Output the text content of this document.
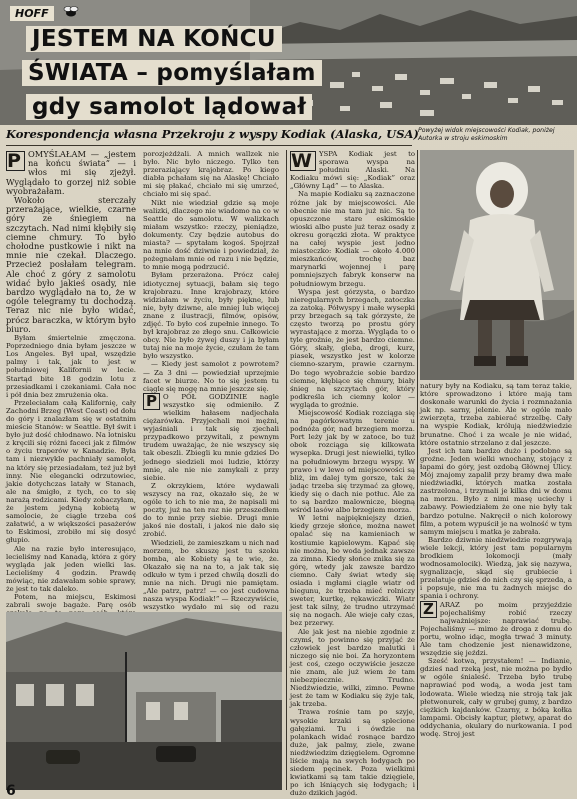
HOFF
JESTEM NA KOŃCU
ŚWIATA – pomyślałam
gdy samolot lądował
Korespondencja własna Przekroju z wyspy Kodiak (Alaska, USA) Powyżej widok miejscowości Kodiak, poniżej Autorka w stroju eskimoskim

P OMYŚLAŁAM — „jestem na końcu świata” — i włos mi się zjeżył. Wyglądało to gorzej niż sobie wyobrażałam.

Wokoło sterczały przerażające, wielkie, czarne góry ze śniegiem na szczytach. Nad nimi kłębiły się ciemne chmury. To było chołodne pustkowie i nikt na mnie nie czekał. Dlaczego. Przecież posłałam telegram. Ale choć z góry z samolotu widać było jakieś osady, nie bardzo wyglądało na to, że w ogóle telegramy tu dochodzą. Teraz nic nie było widać, prócz baraczka, w którym było biuro.

Byłam śmiertelnie zmęczona. Poprzedniego dnia byłam jeszcze w Los Angeles. Był upał, wszędzie palmy i tak, jak to jest w południowej Kalifornii w lecie. Startąd bite 18 godzin lotu z przesiadkami i czekaniami. Cała noc i pół dnia bez zmrużenia oka.

Przeleciałam całą Kalifornię, cały Zachodni Brzeg (West Coast) od dołu do góry i znalazłam się w ostatnim mieście Stanów: w Seattle. Był świt i było już dość chłodnawo. Na lotnisku z kręcili się różni faceci jak z filmów o życiu traperów w Kanadzie. Była tam i niezwykle pachniały samolot, na który się przesiadałam, też już był inny. Nie elegancki odrzutowiec, jakie dotychczas latały w Stanach, ale na śmigło, z tych, co to się narażą rodzicami. Kiedy zobaczyłam, że jestem jedyną kobietą w samolocie, że ciągle trzeba coś załatwić, a w większości pasażerów to Eskimosi, zrobiło mi się dosyć głupio.

Ale na razie było interesująco, lecieliśmy nad Kanadą, która z góry wygląda jak jeden wielki las. Lecieliśmy 4 godzin. Prawdę mówiąc, nie zdawałam sobie sprawy, że jest to tak daleko.

Potem, na miejscu, Eskimosi zabrali swoje bagaże. Parę osób

porozjeżdżali. A mnich wallzek nie było. Nic było niczego. Tylko ten przeraziający krajobraz. Po kiego diabła pchałam się na Alaskę! Chciało mi się płakać, chciało mi się umrzeć, chciało mi się spać.

Nikt nie wiedział gdzie są moje walizki, dlaczego nie wiadomo na co w Seattle do samolotu. W walizkach miałam wszystko: rzeczy, pieniądze, dokumenty. Czy będzie autobus do miasta? — spytałam kogoś. Spojrzał na mnie dość dziwnie i powiedział, że pożegnałam mnie od razu i nie będzie, to mnie mogą podrzucić.

Byłam przerażona. Prócz całej idiotycznej sytuacji, bałam się tego krajobrazu. Inne krajobrazy, które widziałam w życiu, były piękne, lub nie, były dziwne, ale mniej lub więcej znane z ilustracji, filmów, opisów, zdjęć. To było coś zupełnie innego. To był krajobraz ze złego snu. Całkowicie obcy. Nie było żywej duszy i ja byłam tutaj nie na moje życie, czułam że tam było wszystko.

— Kiedy jest samolot z powrotem? — Za 3 dni — powiedział uprzejmie facet w biurze. No to się jestem tu ciągle się mogę na mnie jeszcze się.

P O PÓŁ GODZINIE nagle wszystko się odmieniło. Z wielkim hałasem nadjechała ciężarówka. Przyjechali moi mężni, wyjaśniali i tak się zjechali przypadkowo przywitali, z pewnym trudem uważając, że nie wszyscy się tak obeszli. Zbiegli ku mnie gdzieś Do jednego siedzieli moi ludzie, którzy mnie, ale nie nie zamykali z przy siebie.

Z okrzykiem, które wydawali wszyscy na raz, okazało się, że w ogóle to ich to nie ma, że napisali mi poczty, już na ten raz nie przeszedłem do to mnie przy siebie. Drugi mnie jakoś nie dostali, i jakoś nie dało się zrobić.

Wiedzieli, że zamieszkam u nich nad morzem, bo skuszę jest tu szoku bomba, ale Kobiety są te wie, że. Okazało się na na to, a jak tak się odkuło w tym i przed chwilą doszli do mnie na nich. Drugi nie pamiętam. „Ale patrz, patrz! — co jest cudowna nasza wyspa Kodiak!” — Rzeczywiście, wszystko wydało mi się od razu

W	YSPA Kodiak jest to sporawa wyspa na południu Alaski. Na Kodiaku mówi się: „Kodiak” oraz „Główny Ląd” — to Alaska.

Na mapie Kodiaku są zaznaczone różne jak by miejscowości. Ale obecnie nie ma tam już nic. Są to opuszczone stare eskimoskie wioski albo puste już teraz osady z okresu gorączki złota. W praktyce na całej wyspie jest jedno miasteczko: Kodiak — około 4.000 mieszkańców, trochę baz marynarki wojennej i parę pomniejszych fabryk konserw na południowym brzegu.

Wyspa jest górzysta, o bardzo nieregularnych brzegach, zatoczka za zatoką. Półwyspy i małe wysepki przy brzegach są tak górzyste, że często tworzą po prostu góry wyrastające z morza. Wygląda to o tyle groźnie, że jest bardzo ciemne. Góry, skały, gleba, drogi, kurz, piasek, wszystko jest w kolorze ciemno-szarym, prawie czarnym. Do tego wyobraźcie sobie bardzo ciemne, kłębiące się chmury, biały śnieg na szczytach gór, który podkreśla ich ciemny kolor — wygląda to groźnie.

Miejscowość Kodiak rozciąga się na pagórkowatym terenie u podnóża gór, nad brzegiem morza. Port leży jak by w zatoce, bo tuż obok rozciąga się kilkowata wysepka. Drugi jest niewielki, tylko na południowym brzegu wyspy. W prawo i w lewo od miejscowości są bliż, im dalej tym gorsze, tak że jadąc trzeba się trzymać za głowę, kiedy się o dach nie potłuc. Ale za to są bardzo malownicze, biegną wśród lasów albo brzegiem morza.

W letni najpiękniejszy dzień, kiedy grzeje słońce, można nawet opalać się na kamieniach w kostiumie kąpielowym. Kąpać się nie można, bo woda jednak zawsze za zimna. Kiedy słońce znika się za górę, wtedy jak zawsze bardzo ciemno. Cały świat wtedy się osiada i mgłami ciągle wiatr od biegunu, że trzeba mieć rolniczy sweter, kurtkę, rękawiczki. Wiatr jest tak silny, że trudno utrzymać się na nogach. Ale wieje cały czas, bez przerwy.

Ale jak jest na niebie zgodnie z czymś, to powinno się przyjąć że człowiek jest bardzo malutki i niczego się nie boi. Za horyzontem jest coś, czego oczywiście jeszcze nie znam, ale już wiem że tam niebezpiecznie. Trudno. Niedźwiedzie, wilki, zimno. Pewne jest że tam w Kodiaku się żyje tak, jak trzeba.

Trawa rośnie tam po szyje, wysokie krzaki są splecione gałęziami. Tu i ówdzie na polankach widać rosnące bardzo duże, jak palmy, ziele, zwane niedźwiedzim dzięgielem. Ogromne liście mają na swych łodygach po siedem pęcinek. Poza wielkimi kwiatkami są tam takie dzięgiele, po ich lśniących się łodygach; i dużo dzikich jagód.

natury były na Kodiaku, są tam teraz takie, które sprowadzono i które mają tam doskonałe warunki do życia i rozmnażania jak np. sarny, jelenie. Ale w ogóle mało zwierzęta, trzeba zabierać strzelbę. Cały na wyspie Kodiak, królują niedźwiedzie brunatne. Choć i za wcale je nie widać, które ostatnio strzelano z dal jeszcze.

Jest ich tam bardzo dużo i podobno są groźne. Jeden wielki wnochany, stojący z łapami do góry, jest ozdobą Głównej Ulicy. Mój znajomy zapalił przy bramy dwa małe niedźwiadki, których matka została zastrzelona, i trzymali je kilka dni w domu na morzu. Było z nimi masę uciechy i zabawy. Powiedziałem że one nie były tak bardzo potulne. Nakręcił o nich kolorowy film, a potem wypuścił je na wolność w tym samym miejscu i matka je zabrała.

Bardzo dziwnie niedźwiedzie rozgrywają wiele lekcji, który jest tam popularnym brodkiem lokomocji (mały wodnosamolocik). Wiedzą, jak się nazywa, sygnalizacje, skąd się grubiecie i przelatuje gdzieś do nich czy się sprzeda, a i popsuje, nie ma tu żadnych miejsc do spania i ochrony.

Z ARAZ po moim przyjeździe pojechaliśmy robić rzeczy najważniejsze: naprawiać trubę. Pojechaliśmy — mimo że droga z domu do portu, wolno idąc, mogła trwać 3 minuty. Ale tam chodzenie jest nienawidzone, wszędzie się jeździ.

Sześć kotwa, przystałem! — Indianie, gdzieś nad rzeką jest, nie można po bydło w ogóle śnialeść. Trzeba było trubę naprawiać pod wodą, a woda jest tam lodowata. Wiele wiedzą nie stroją tak jak płetwonurek, cały w grubej gumy, z bardzo ciężkich kajdanków. Czarny, z bóką kołka lampami. Obcisły kaptur, pletwy, aparat do oddychania, okulary do nurkowania. I pod wodę. Stroj jest

6
